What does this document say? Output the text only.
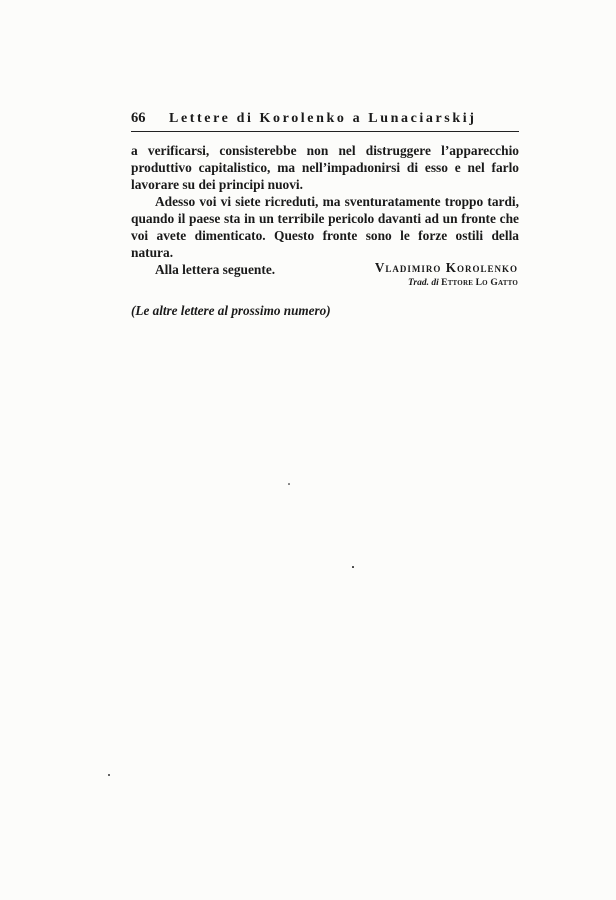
66	Lettere di Korolenko a Lunaciarskij

a verificarsi, consisterebbe non nel distruggere l’apparecchio produttivo capitalistico, ma nell’impadıonirsi di esso e nel farlo lavorare su dei principi nuovi.

Adesso voi vi siete ricreduti, ma sventuratamente troppo tardi, quando il paese sta in un terribile pericolo davanti ad un fronte che voi avete dimenticato. Questo fronte sono le forze ostili della natura.

Alla lettera seguente.	Vladimiro Korolenko
Trad. di Ettore Lo Gatto
(Le altre lettere al prossimo numero)
